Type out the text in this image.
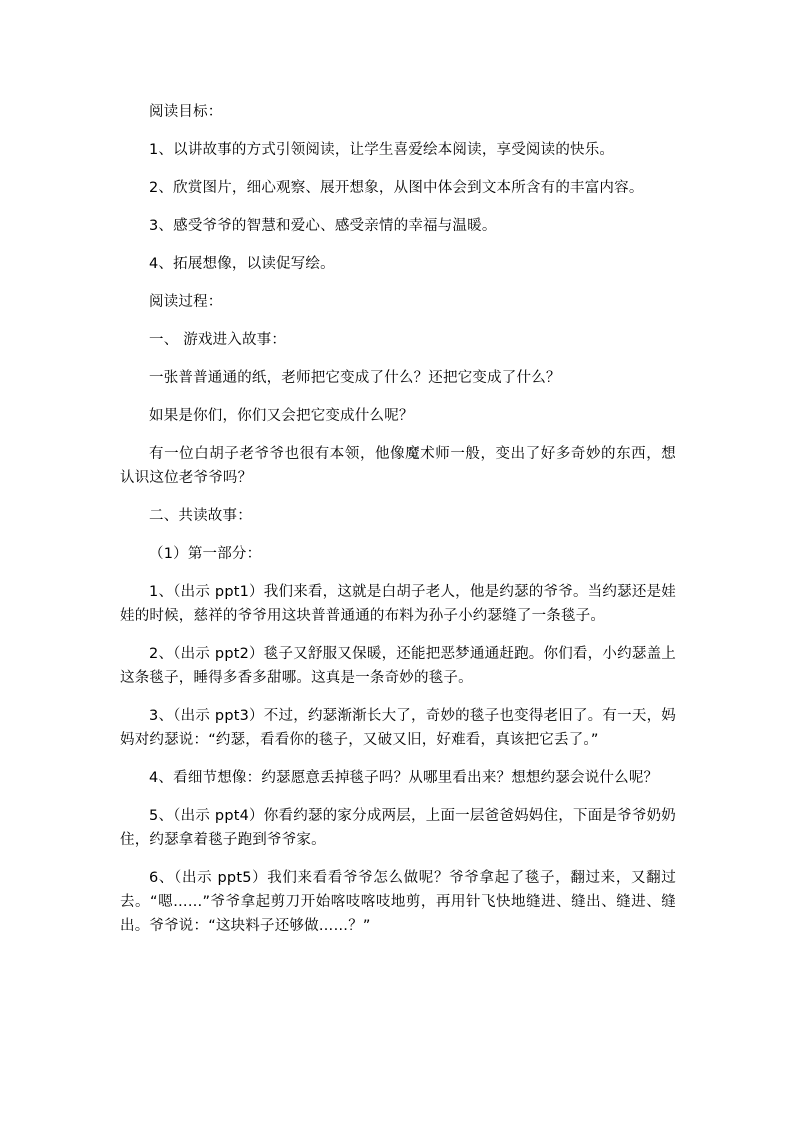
阅读目标：

1、以讲故事的方式引领阅读，让学生喜爱绘本阅读，享受阅读的快乐。

2、欣赏图片，细心观察、展开想象，从图中体会到文本所含有的丰富内容。

3、感受爷爷的智慧和爱心、感受亲情的幸福与温暖。

4、拓展想像，以读促写绘。

阅读过程：

一、 游戏进入故事：

一张普普通通的纸，老师把它变成了什么？还把它变成了什么？

如果是你们，你们又会把它变成什么呢？

有一位白胡子老爷爷也很有本领，他像魔术师一般，变出了好多奇妙的东西，想认识这位老爷爷吗？

二、共读故事：

（1）第一部分：

1、（出示 ppt1）我们来看，这就是白胡子老人，他是约瑟的爷爷。当约瑟还是娃娃的时候，慈祥的爷爷用这块普普通通的布料为孙子小约瑟缝了一条毯子。

2、（出示 ppt2）毯子又舒服又保暖，还能把恶梦通通赶跑。你们看，小约瑟盖上这条毯子，睡得多香多甜哪。这真是一条奇妙的毯子。

3、（出示 ppt3）不过，约瑟渐渐长大了，奇妙的毯子也变得老旧了。有一天，妈妈对约瑟说：“约瑟，看看你的毯子，又破又旧，好难看，真该把它丢了。”

4、看细节想像：约瑟愿意丢掉毯子吗？从哪里看出来？想想约瑟会说什么呢？

5、（出示 ppt4）你看约瑟的家分成两层，上面一层爸爸妈妈住，下面是爷爷奶奶住，约瑟拿着毯子跑到爷爷家。

6、（出示 ppt5）我们来看看爷爷怎么做呢？爷爷拿起了毯子，翻过来，又翻过去。“嗯……”爷爷拿起剪刀开始喀吱喀吱地剪，再用针飞快地缝进、缝出、缝进、缝出。爷爷说：“这块料子还够做……？”
